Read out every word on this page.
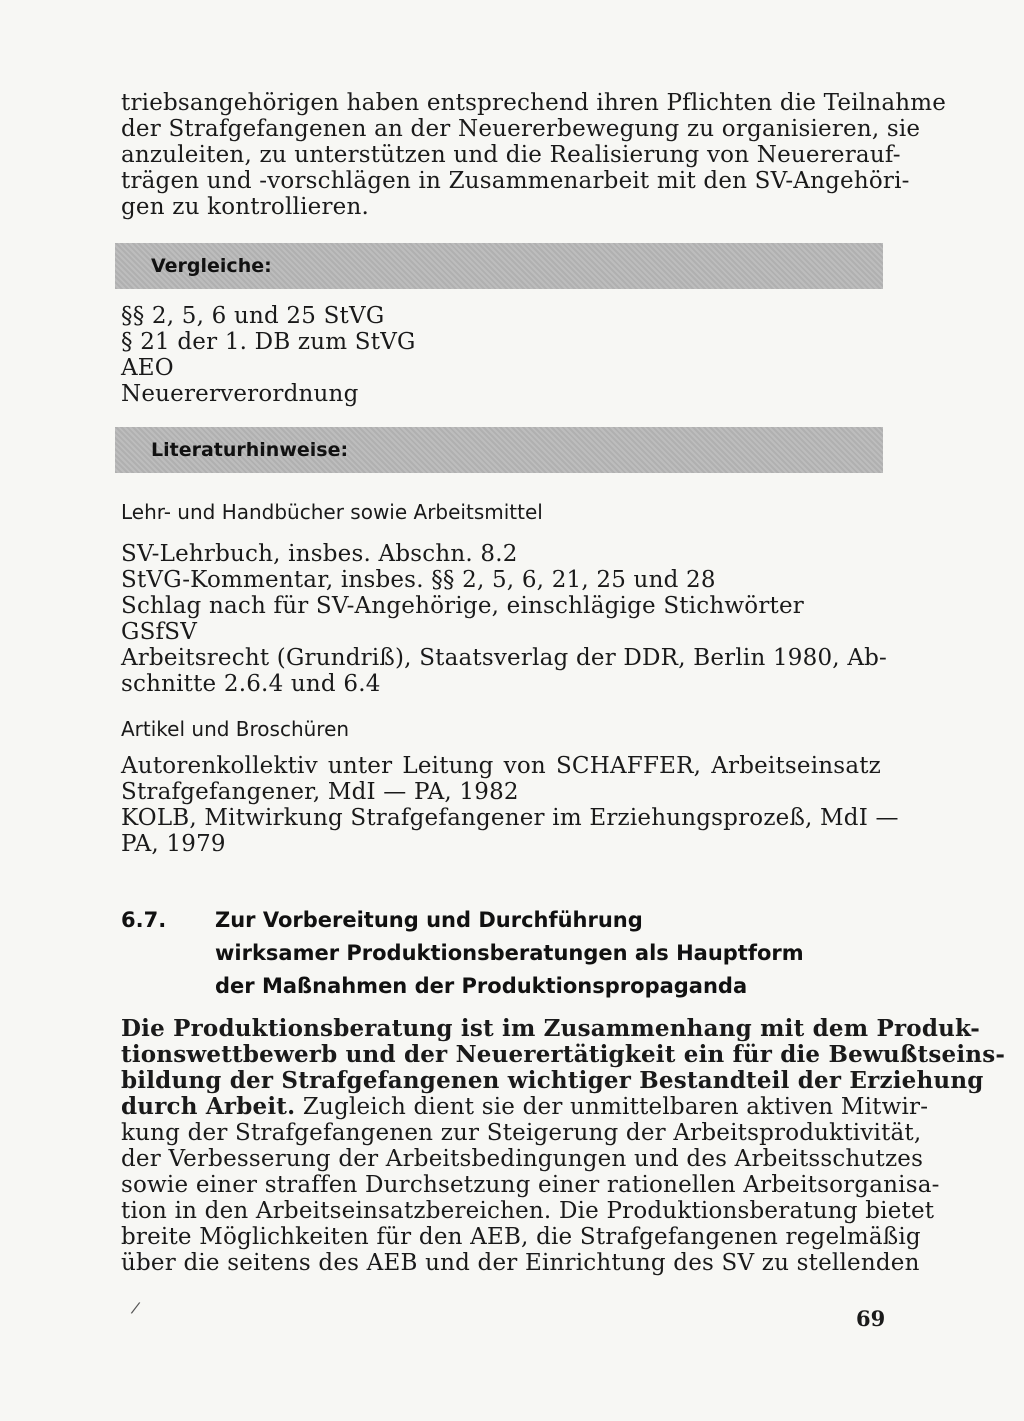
triebsangehörigen haben entsprechend ihren Pflichten die Teilnahme
der Strafgefangenen an der Neuererbewegung zu organisieren, sie
anzuleiten, zu unterstützen und die Realisierung von Neuererauf-
trägen und -vorschlägen in Zusammenarbeit mit den SV-Angehöri-
gen zu kontrollieren.
Vergleiche:
§§ 2, 5, 6 und 25 StVG
§ 21 der 1. DB zum StVG
AEO
Neuererverordnung
Literaturhinweise:
Lehr- und Handbücher sowie Arbeitsmittel
SV-Lehrbuch, insbes. Abschn. 8.2
StVG-Kommentar, insbes. §§ 2, 5, 6, 21, 25 und 28
Schlag nach für SV-Angehörige, einschlägige Stichwörter
GSfSV
Arbeitsrecht (Grundriß), Staatsverlag der DDR, Berlin 1980, Ab-
schnitte 2.6.4 und 6.4
Artikel und Broschüren
Autorenkollektiv unter Leitung von SCHAFFER, Arbeitseinsatz
Strafgefangener, MdI — PA, 1982
KOLB, Mitwirkung Strafgefangener im Erziehungsprozeß, MdI —
PA, 1979
6.7. Zur Vorbereitung und Durchführung
wirksamer Produktionsberatungen als Hauptform
der Maßnahmen der Produktionspropaganda
Die Produktionsberatung ist im Zusammenhang mit dem Produk-
tionswettbewerb und der Neuerertätigkeit ein für die Bewußtseins-
bildung der Strafgefangenen wichtiger Bestandteil der Erziehung
durch Arbeit. Zugleich dient sie der unmittelbaren aktiven Mitwir-
kung der Strafgefangenen zur Steigerung der Arbeitsproduktivität,
der Verbesserung der Arbeitsbedingungen und des Arbeitsschutzes
sowie einer straffen Durchsetzung einer rationellen Arbeitsorganisa-
tion in den Arbeitseinsatzbereichen. Die Produktionsberatung bietet
breite Möglichkeiten für den AEB, die Strafgefangenen regelmäßig
über die seitens des AEB und der Einrichtung des SV zu stellenden
/	69
